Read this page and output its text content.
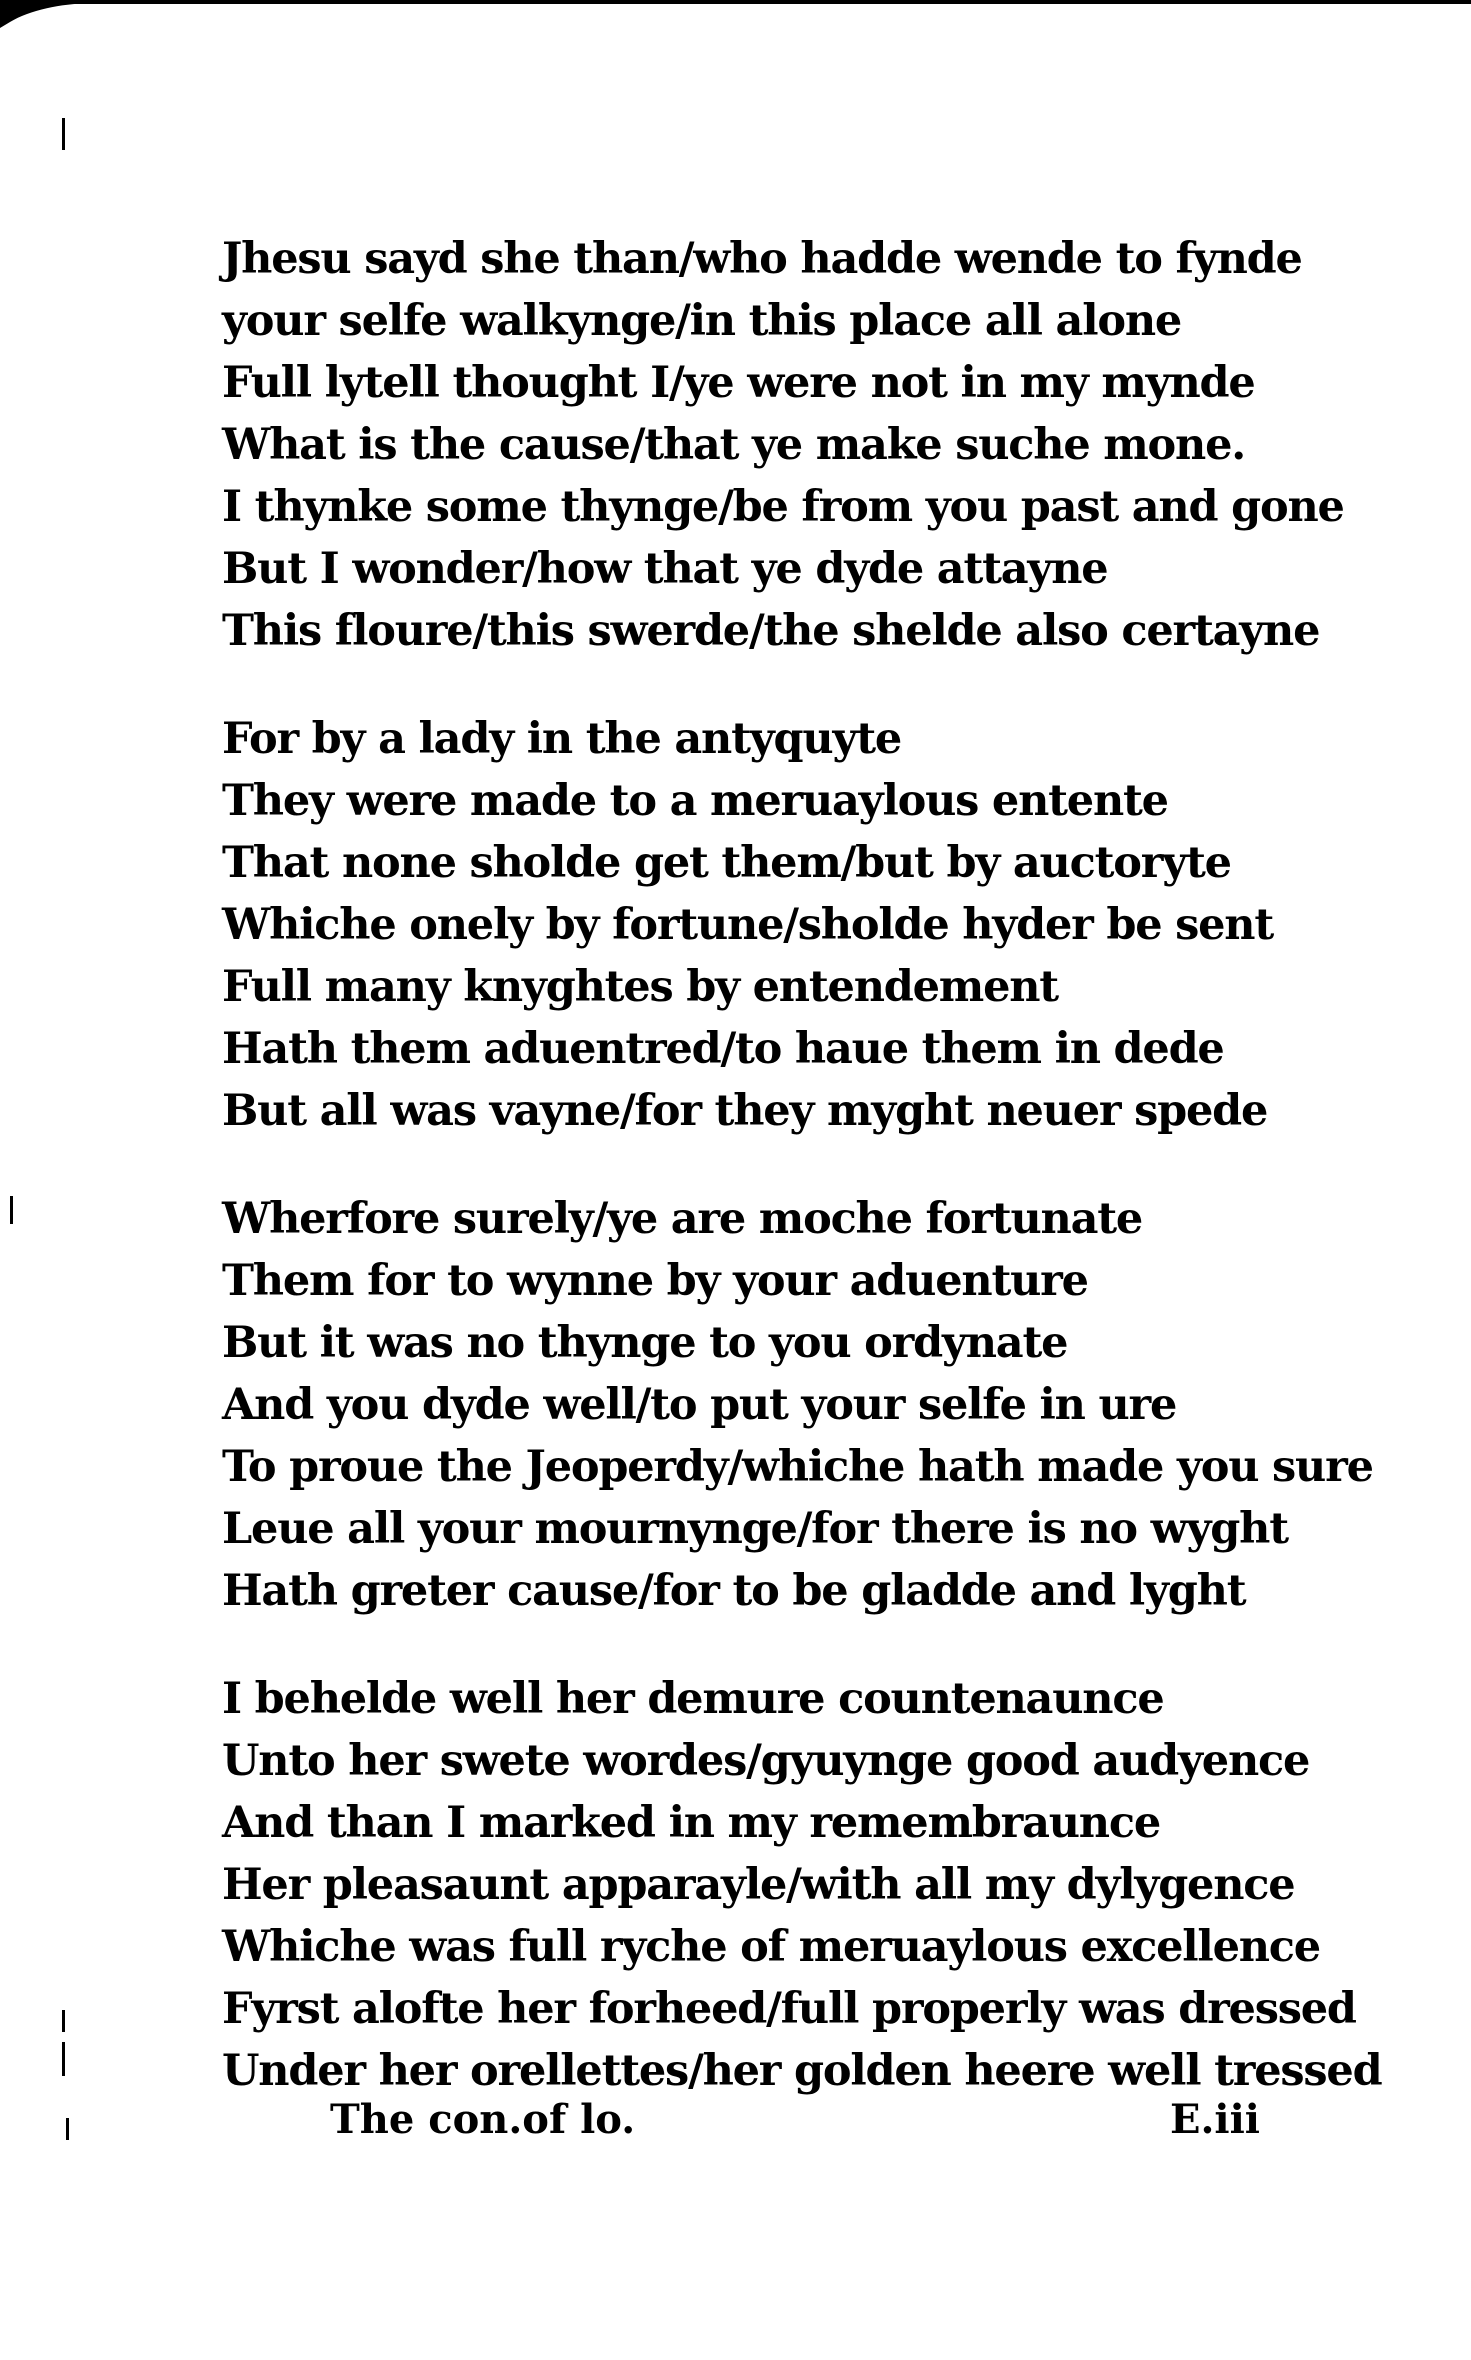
Jhesu sayd she than/who hadde wende to fynde
your selfe walkynge/in this place all alone
Full lytell thought I/ye were not in my mynde
What is the cause/that ye make suche mone.
I thynke some thynge/be from you past and gone
But I wonder/how that ye dyde attayne
This floure/this swerde/the shelde also certayne
For by a lady in the antyquyte
They were made to a meruaylous entente
That none sholde get them/but by auctoryte
Whiche onely by fortune/sholde hyder be sent
Full many knyghtes by entendement
Hath them aduentred/to haue them in dede
But all was vayne/for they myght neuer spede
Wherfore surely/ye are moche fortunate
Them for to wynne by your aduenture
But it was no thynge to you ordynate
And you dyde well/to put your selfe in ure
To proue the Jeoperdy/whiche hath made you sure
Leue all your mournynge/for there is no wyght
Hath greter cause/for to be gladde and lyght
I behelde well her demure countenaunce
Unto her swete wordes/gyuynge good audyence
And than I marked in my remembraunce
Her pleasaunt apparayle/with all my dylygence
Whiche was full ryche of meruaylous excellence
Fyrst alofte her forheed/full properly was dressed
Under her orellettes/her golden heere well tressed
The con.of lo.	E.iii
